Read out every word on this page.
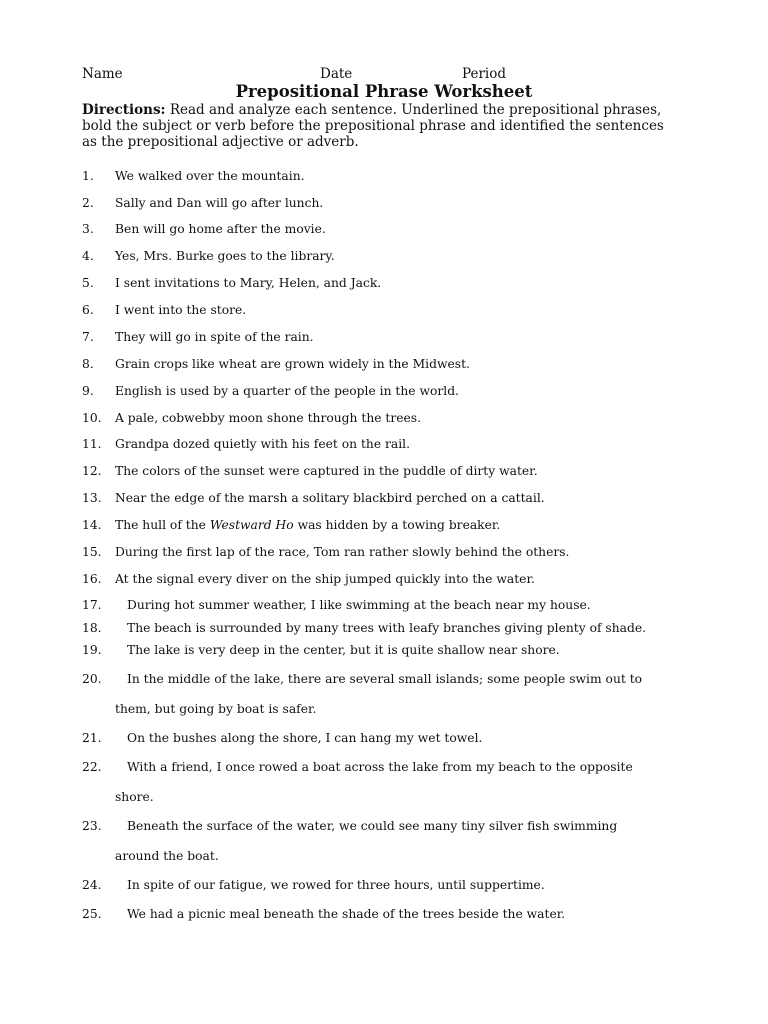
Name	Date	Period
Prepositional Phrase Worksheet
Directions: Read and analyze each sentence. Underlined the prepositional phrases, bold the subject or verb before the prepositional phrase and identified the sentences as the prepositional adjective or adverb.
1. We walked over the mountain.
2. Sally and Dan will go after lunch.
3. Ben will go home after the movie.
4. Yes, Mrs. Burke goes to the library.
5. I sent invitations to Mary, Helen, and Jack.
6. I went into the store.
7. They will go in spite of the rain.
8. Grain crops like wheat are grown widely in the Midwest.
9. English is used by a quarter of the people in the world.
10. A pale, cobwebby moon shone through the trees.
11. Grandpa dozed quietly with his feet on the rail.
12. The colors of the sunset were captured in the puddle of dirty water.
13. Near the edge of the marsh a solitary blackbird perched on a cattail.
14. The hull of the Westward Ho was hidden by a towing breaker.
15. During the first lap of the race, Tom ran rather slowly behind the others.
16. At the signal every diver on the ship jumped quickly into the water.
17. During hot summer weather, I like swimming at the beach near my house.
18. The beach is surrounded by many trees with leafy branches giving plenty of shade.
19. The lake is very deep in the center, but it is quite shallow near shore.
20. In the middle of the lake, there are several small islands; some people swim out to
them, but going by boat is safer.
21. On the bushes along the shore, I can hang my wet towel.
22. With a friend, I once rowed a boat across the lake from my beach to the opposite
shore.
23. Beneath the surface of the water, we could see many tiny silver fish swimming
around the boat.
24. In spite of our fatigue, we rowed for three hours, until suppertime.
25. We had a picnic meal beneath the shade of the trees beside the water.
